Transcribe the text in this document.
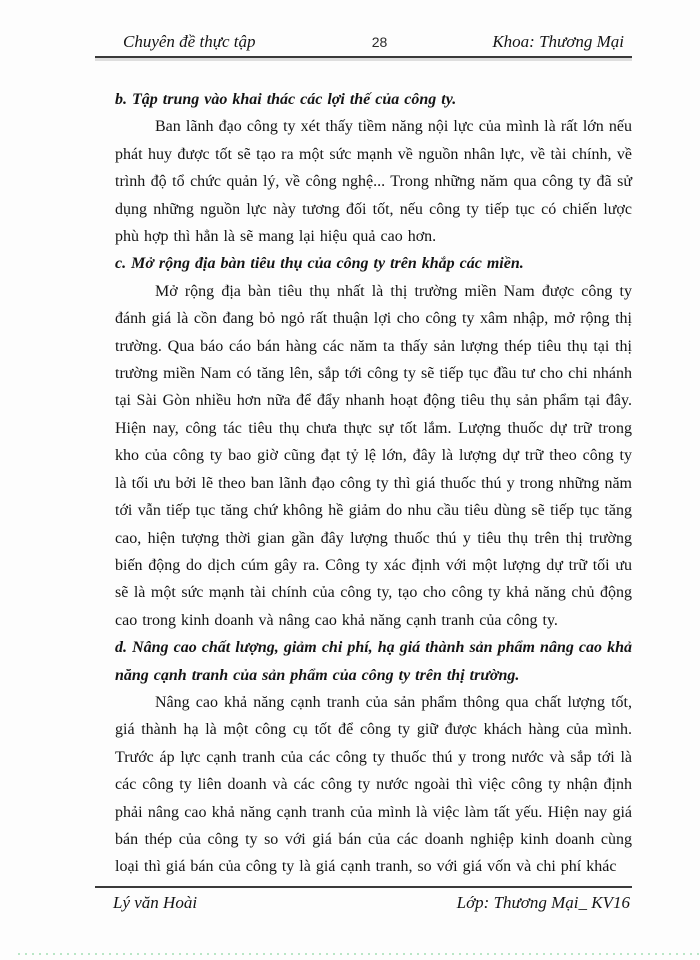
Chuyên đề thực tập	28	Khoa: Thương Mại

b. Tập trung vào khai thác các lợi thế của công ty.

Ban lãnh đạo công ty xét thấy tiềm năng nội lực của mình là rất lớn nếu phát huy được tốt sẽ tạo ra một sức mạnh về nguồn nhân lực, về tài chính, về trình độ tổ chức quản lý, về công nghệ... Trong những năm qua công ty đã sử dụng những nguồn lực này tương đối tốt, nếu công ty tiếp tục có chiến lược phù hợp thì hẳn là sẽ mang lại hiệu quả cao hơn.

c. Mở rộng địa bàn tiêu thụ của công ty trên khắp các miền.

Mở rộng địa bàn tiêu thụ nhất là thị trường miền Nam được công ty đánh giá là cồn đang bỏ ngỏ rất thuận lợi cho công ty xâm nhập, mở rộng thị trường. Qua báo cáo bán hàng các năm ta thấy sản lượng thép tiêu thụ tại thị trường miền Nam có tăng lên, sắp tới công ty sẽ tiếp tục đầu tư cho chi nhánh tại Sài Gòn nhiều hơn nữa để đẩy nhanh hoạt động tiêu thụ sản phẩm tại đây. Hiện nay, công tác tiêu thụ chưa thực sự tốt lắm. Lượng thuốc dự trữ trong kho của công ty bao giờ cũng đạt tỷ lệ lớn, đây là lượng dự trữ theo công ty là tối ưu bởi lẽ theo ban lãnh đạo công ty thì giá thuốc thú y trong những năm tới vẫn tiếp tục tăng chứ không hề giảm do nhu cầu tiêu dùng sẽ tiếp tục tăng cao, hiện tượng thời gian gần đây lượng thuốc thú y tiêu thụ trên thị trường biến động do dịch cúm gây ra. Công ty xác định với một lượng dự trữ tối ưu sẽ là một sức mạnh tài chính của công ty, tạo cho công ty khả năng chủ động cao trong kinh doanh và nâng cao khả năng cạnh tranh của công ty.

d. Nâng cao chất lượng, giảm chi phí, hạ giá thành sản phẩm nâng cao khả năng cạnh tranh của sản phẩm của công ty trên thị trường.

Nâng cao khả năng cạnh tranh của sản phẩm thông qua chất lượng tốt, giá thành hạ là một công cụ tốt để công ty giữ được khách hàng của mình. Trước áp lực cạnh tranh của các công ty thuốc thú y trong nước và sắp tới là các công ty liên doanh và các công ty nước ngoài thì việc công ty nhận định phải nâng cao khả năng cạnh tranh của mình là việc làm tất yếu. Hiện nay giá bán thép của công ty so với giá bán của các doanh nghiệp kinh doanh cùng loại thì giá bán của công ty là giá cạnh tranh, so với giá vốn và chi phí khác

Lý văn Hoài	Lớp: Thương Mại_ KV16
